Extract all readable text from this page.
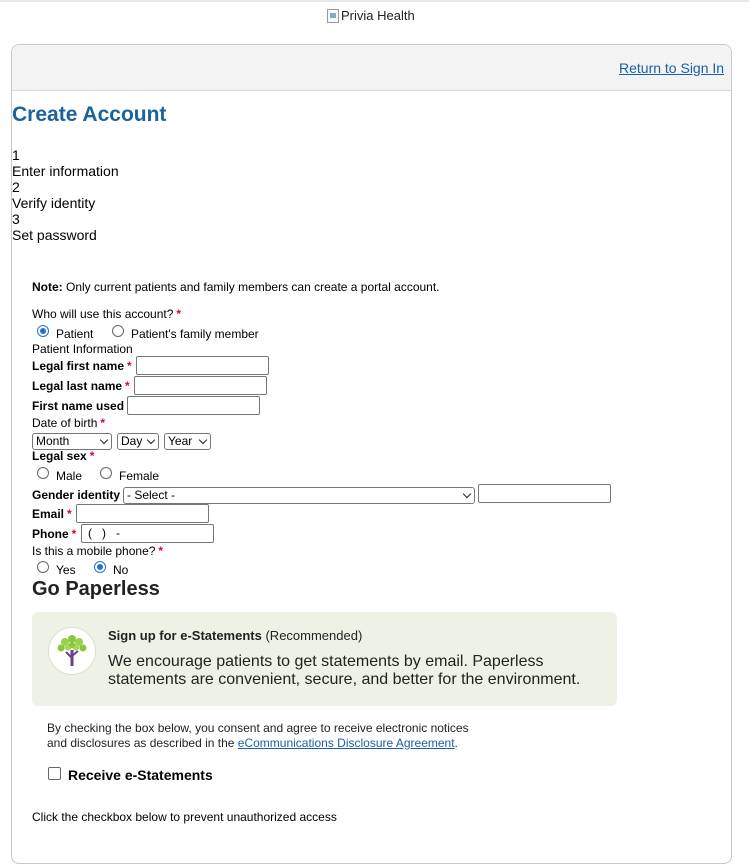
Privia Health
Return to Sign In
Create Account
1
Enter information
2
Verify identity
3
Set password
Note: Only current patients and family members can create a portal account.
Who will use this account? *
Patient	Patient's family member
Patient Information
Legal first name *
Legal last name *
First name used
Date of birth *
Month	Day	Year
Legal sex *
Male	Female
Gender identity - Select -
Email *
Phone * (   )   -
Is this a mobile phone? *
Yes	No
Go Paperless
Sign up for e-Statements (Recommended)
We encourage patients to get statements by email. Paperless statements are convenient, secure, and better for the environment.
By checking the box below, you consent and agree to receive electronic notices
and disclosures as described in the eCommunications Disclosure Agreement.
Receive e-Statements
Click the checkbox below to prevent unauthorized access
